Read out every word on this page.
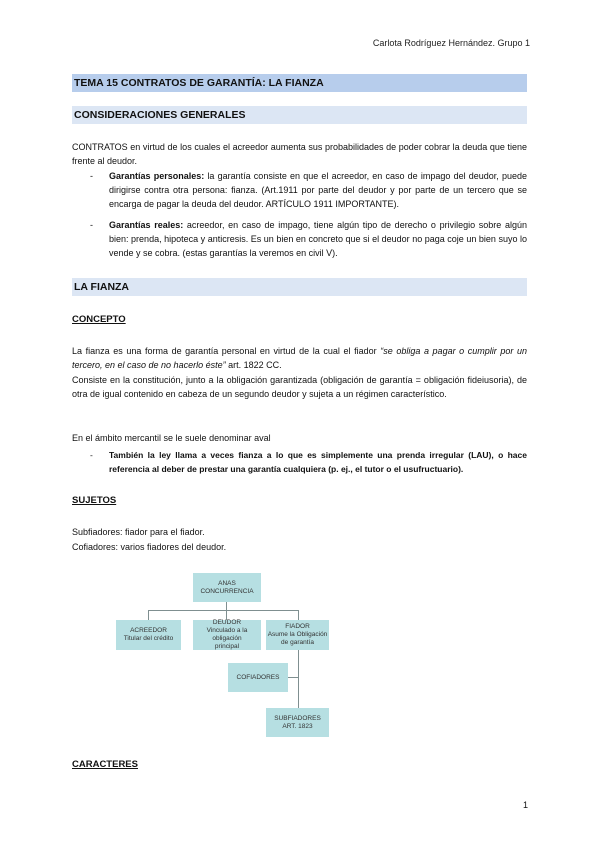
Carlota Rodríguez Hernández. Grupo 1
TEMA 15 CONTRATOS DE GARANTÍA: LA FIANZA
CONSIDERACIONES GENERALES

CONTRATOS en virtud de los cuales el acreedor aumenta sus probabilidades de poder cobrar la deuda que tiene frente al deudor.

- Garantías personales: la garantía consiste en que el acreedor, en caso de impago del deudor, puede dirigirse contra otra persona: fianza. (Art.1911 por parte del deudor y por parte de un tercero que se encarga de pagar la deuda del deudor. ARTÍCULO 1911 IMPORTANTE).
- Garantías reales: acreedor, en caso de impago, tiene algún tipo de derecho o privilegio sobre algún bien: prenda, hipoteca y anticresis. Es un bien en concreto que si el deudor no paga coje un bien suyo lo vende y se cobra. (estas garantías la veremos en civil V).
LA FIANZA
CONCEPTO

La fianza es una forma de garantía personal en virtud de la cual el fiador “se obliga a pagar o cumplir por un tercero, en el caso de no hacerlo éste” art. 1822 CC.

Consiste en la constitución, junto a la obligación garantizada (obligación de garantía = obligación fideiusoria), de otra de igual contenido en cabeza de un segundo deudor y sujeta a un régimen característico.

En el ámbito mercantil se le suele denominar aval

- También la ley llama a veces fianza a lo que es simplemente una prenda irregular (LAU), o hace referencia al deber de prestar una garantía cualquiera (p. ej., el tutor o el usufructuario).
SUJETOS

Subfiadores: fiador para el fiador.

Cofiadores: varios fiadores del deudor.

ANAS
CONCURRENCIA
ACREEDOR
Titular del crédito
DEUDOR
Vinculado a la
obligación
principal
FIADOR
Asume la Obligación
de garantía
COFIADORES
SUBFIADORES
ART. 1823
CARACTERES
1
